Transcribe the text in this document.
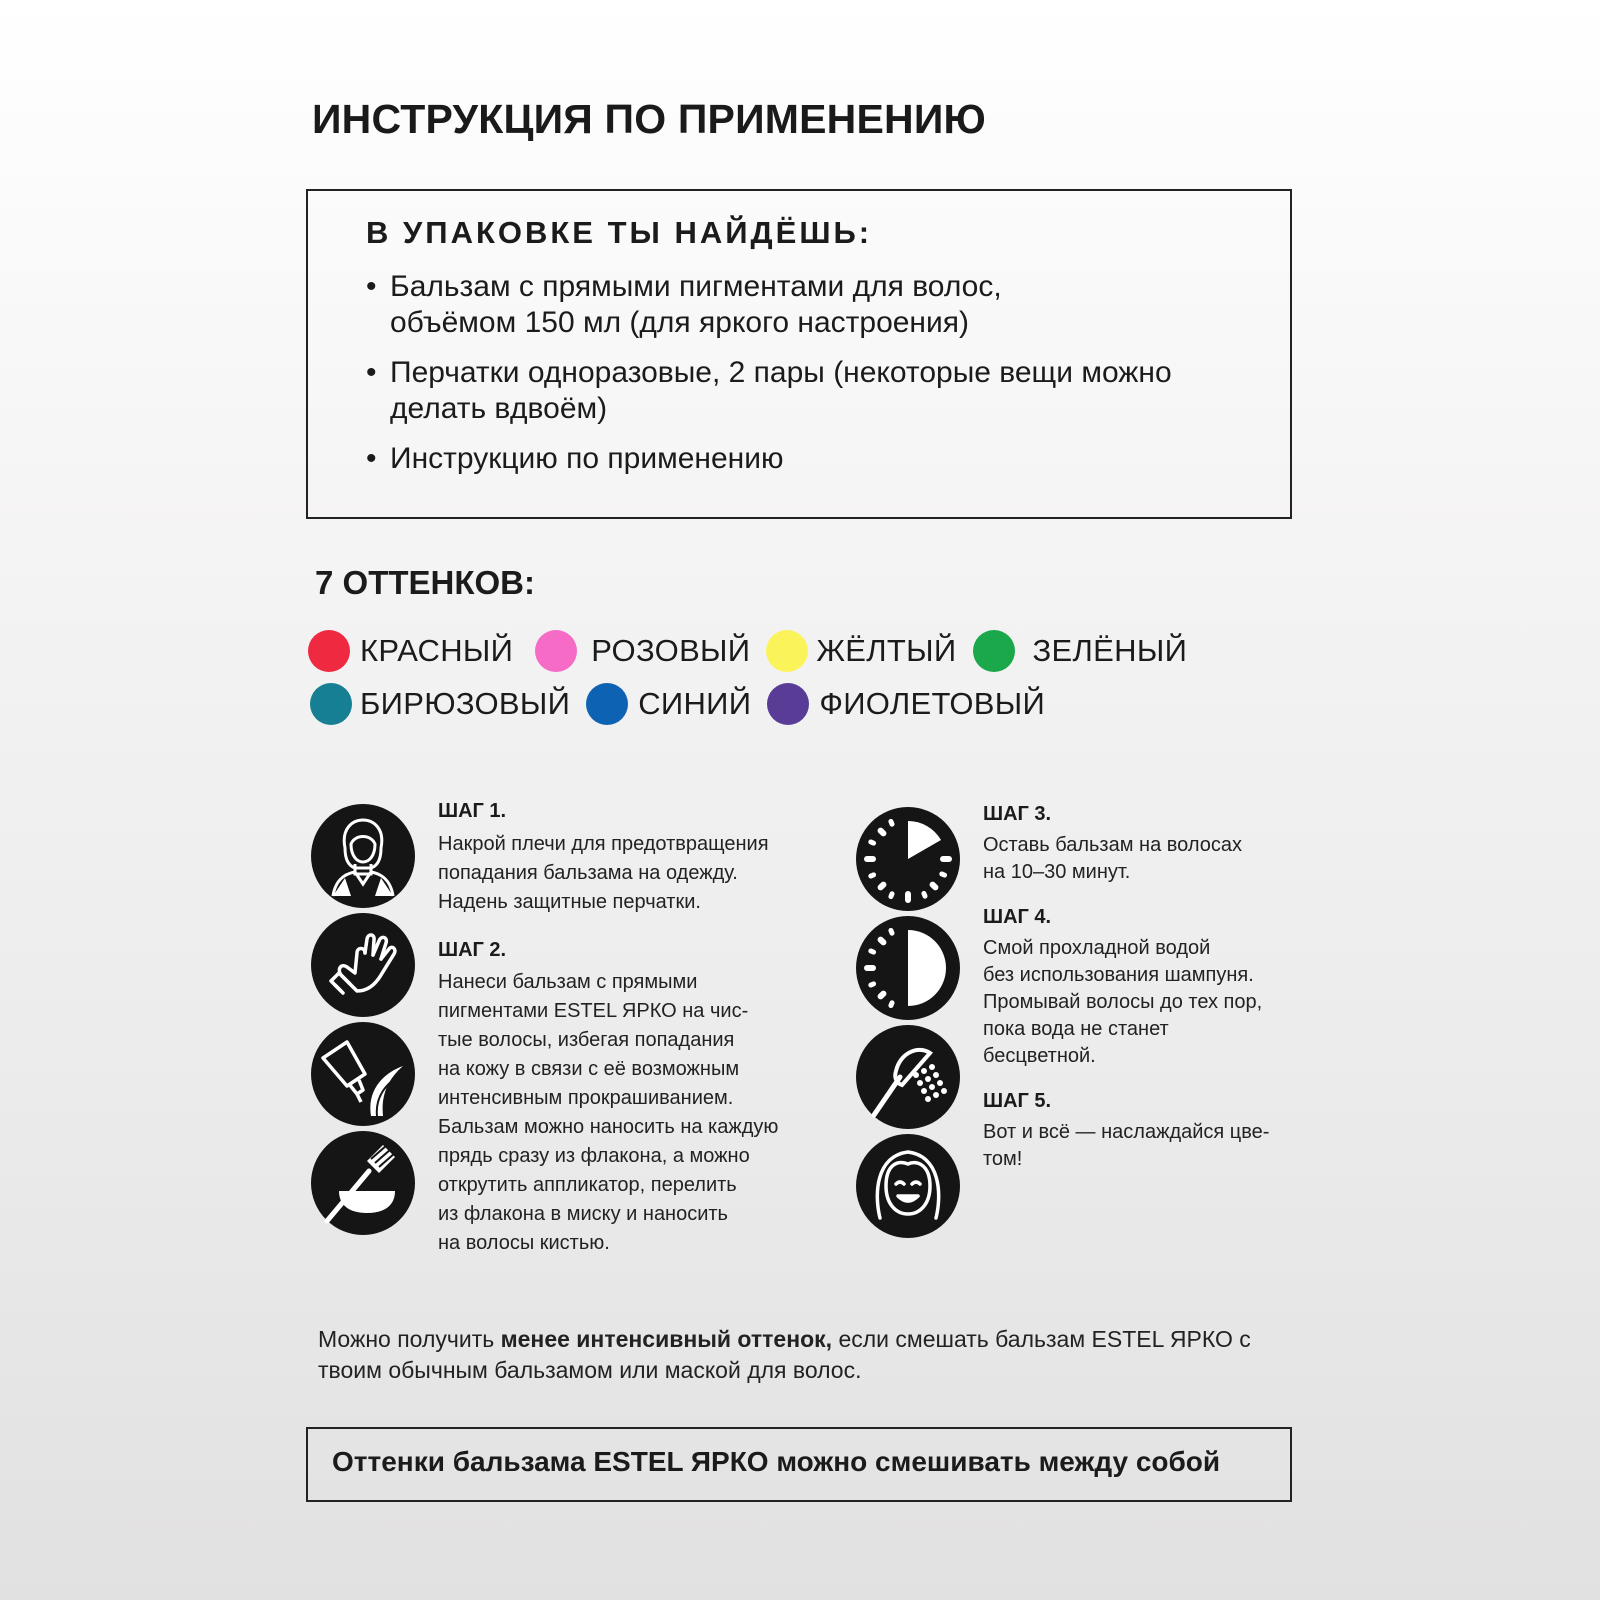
ИНСТРУКЦИЯ ПО ПРИМЕНЕНИЮ
В УПАКОВКЕ ТЫ НАЙДЁШЬ:
• Бальзам с прямыми пигментами для волос,
объёмом 150 мл (для яркого настроения)
• Перчатки одноразовые, 2 пары (некоторые вещи можно
делать вдвоём)
• Инструкцию по применению
7 ОТТЕНКОВ:
КРАСНЫЙ	РОЗОВЫЙ ЖЁЛТЫЙ ЗЕЛЁНЫЙ
БИРЮЗОВЫЙ СИНИЙ ФИОЛЕТОВЫЙ

ШАГ 1.

Накрой плечи для предотвращения
попадания бальзама на одежду.
Надень защитные перчатки.

ШАГ 2.

Нанеси бальзам с прямыми
пигментами ESTEL ЯРКО на чис-
тые волосы, избегая попадания
на кожу в связи с её возможным
интенсивным прокрашиванием.
Бальзам можно наносить на каждую
прядь сразу из флакона, а можно
открутить аппликатор, перелить
из флакона в миску и наносить
на волосы кистью.

ШАГ 3.

Оставь бальзам на волосах
на 10–30 минут.

ШАГ 4.

Смой прохладной водой
без использования шампуня.
Промывай волосы до тех пор,
пока вода не станет
бесцветной.

ШАГ 5.

Вот и всё — наслаждайся цве-
том!

Можно получить менее интенсивный оттенок, если смешать бальзам ESTEL ЯРКО с твоим обычным бальзамом или маской для волос.

Оттенки бальзама ESTEL ЯРКО можно смешивать между собой
